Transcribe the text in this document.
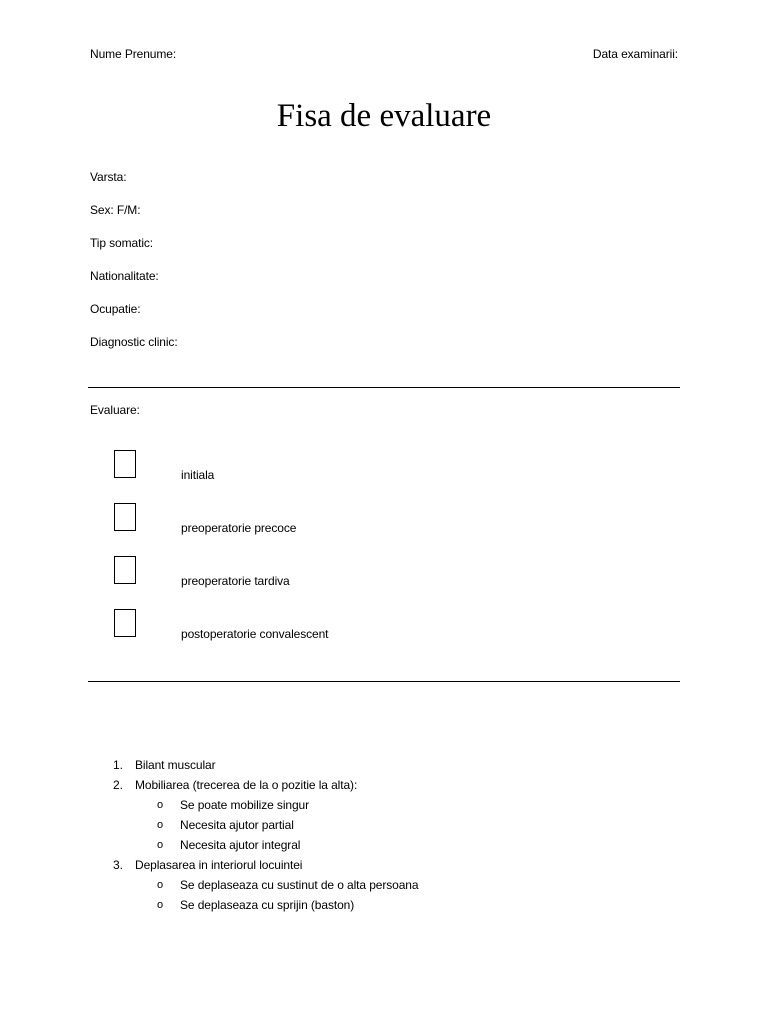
Nume Prenume:	Data examinarii:
Fisa de evaluare
Varsta:
Sex: F/M:
Tip somatic:
Nationalitate:
Ocupatie:
Diagnostic clinic:
Evaluare:
initiala
preoperatorie precoce
preoperatorie tardiva
postoperatorie convalescent
1. Bilant muscular
2. Mobiliarea (trecerea de la o pozitie la alta):
o Se poate mobilize singur
o Necesita ajutor partial
o Necesita ajutor integral
3. Deplasarea in interiorul locuintei
o Se deplaseaza cu sustinut de o alta persoana
o Se deplaseaza cu sprijin (baston)
